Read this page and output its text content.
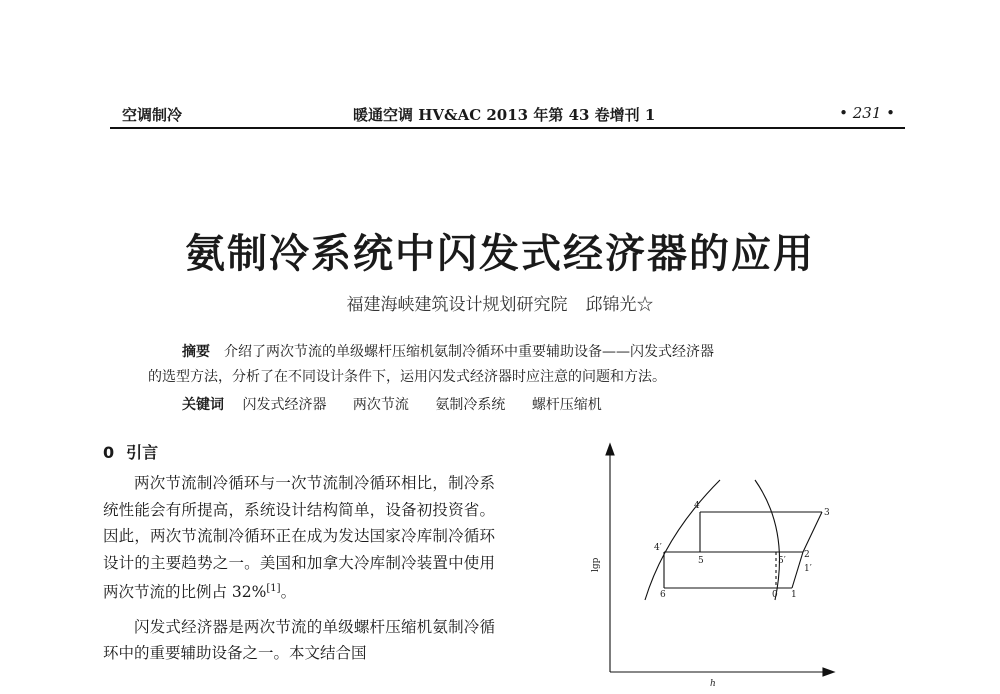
空调制冷	暖通空调 HV&AC 2013 年第 43 卷增刊 1	• 231 •
氨制冷系统中闪发式经济器的应用
福建海峡建筑设计规划研究院 邱锦光☆

摘要 介绍了两次节流的单级螺杆压缩机氨制冷循环中重要辅助设备——闪发式经济器

的选型方法，分析了在不同设计条件下，运用闪发式经济器时应注意的问题和方法。

关键词 闪发式经济器 两次节流 氨制冷系统 螺杆压缩机

0 引言

两次节流制冷循环与一次节流制冷循环相比，制冷系统性能会有所提高，系统设计结构简单，设备初投资省。因此，两次节流制冷循环正在成为发达国家冷库制冷循环设计的主要趋势之一。美国和加拿大冷库制冷装置中使用两次节流的比例占 32%[1]。

闪发式经济器是两次节流的单级螺杆压缩机氨制冷循环中的重要辅助设备之一。本文结合国

lgp
h
4
3
4′
5	5′
2
1′
6	0 1
